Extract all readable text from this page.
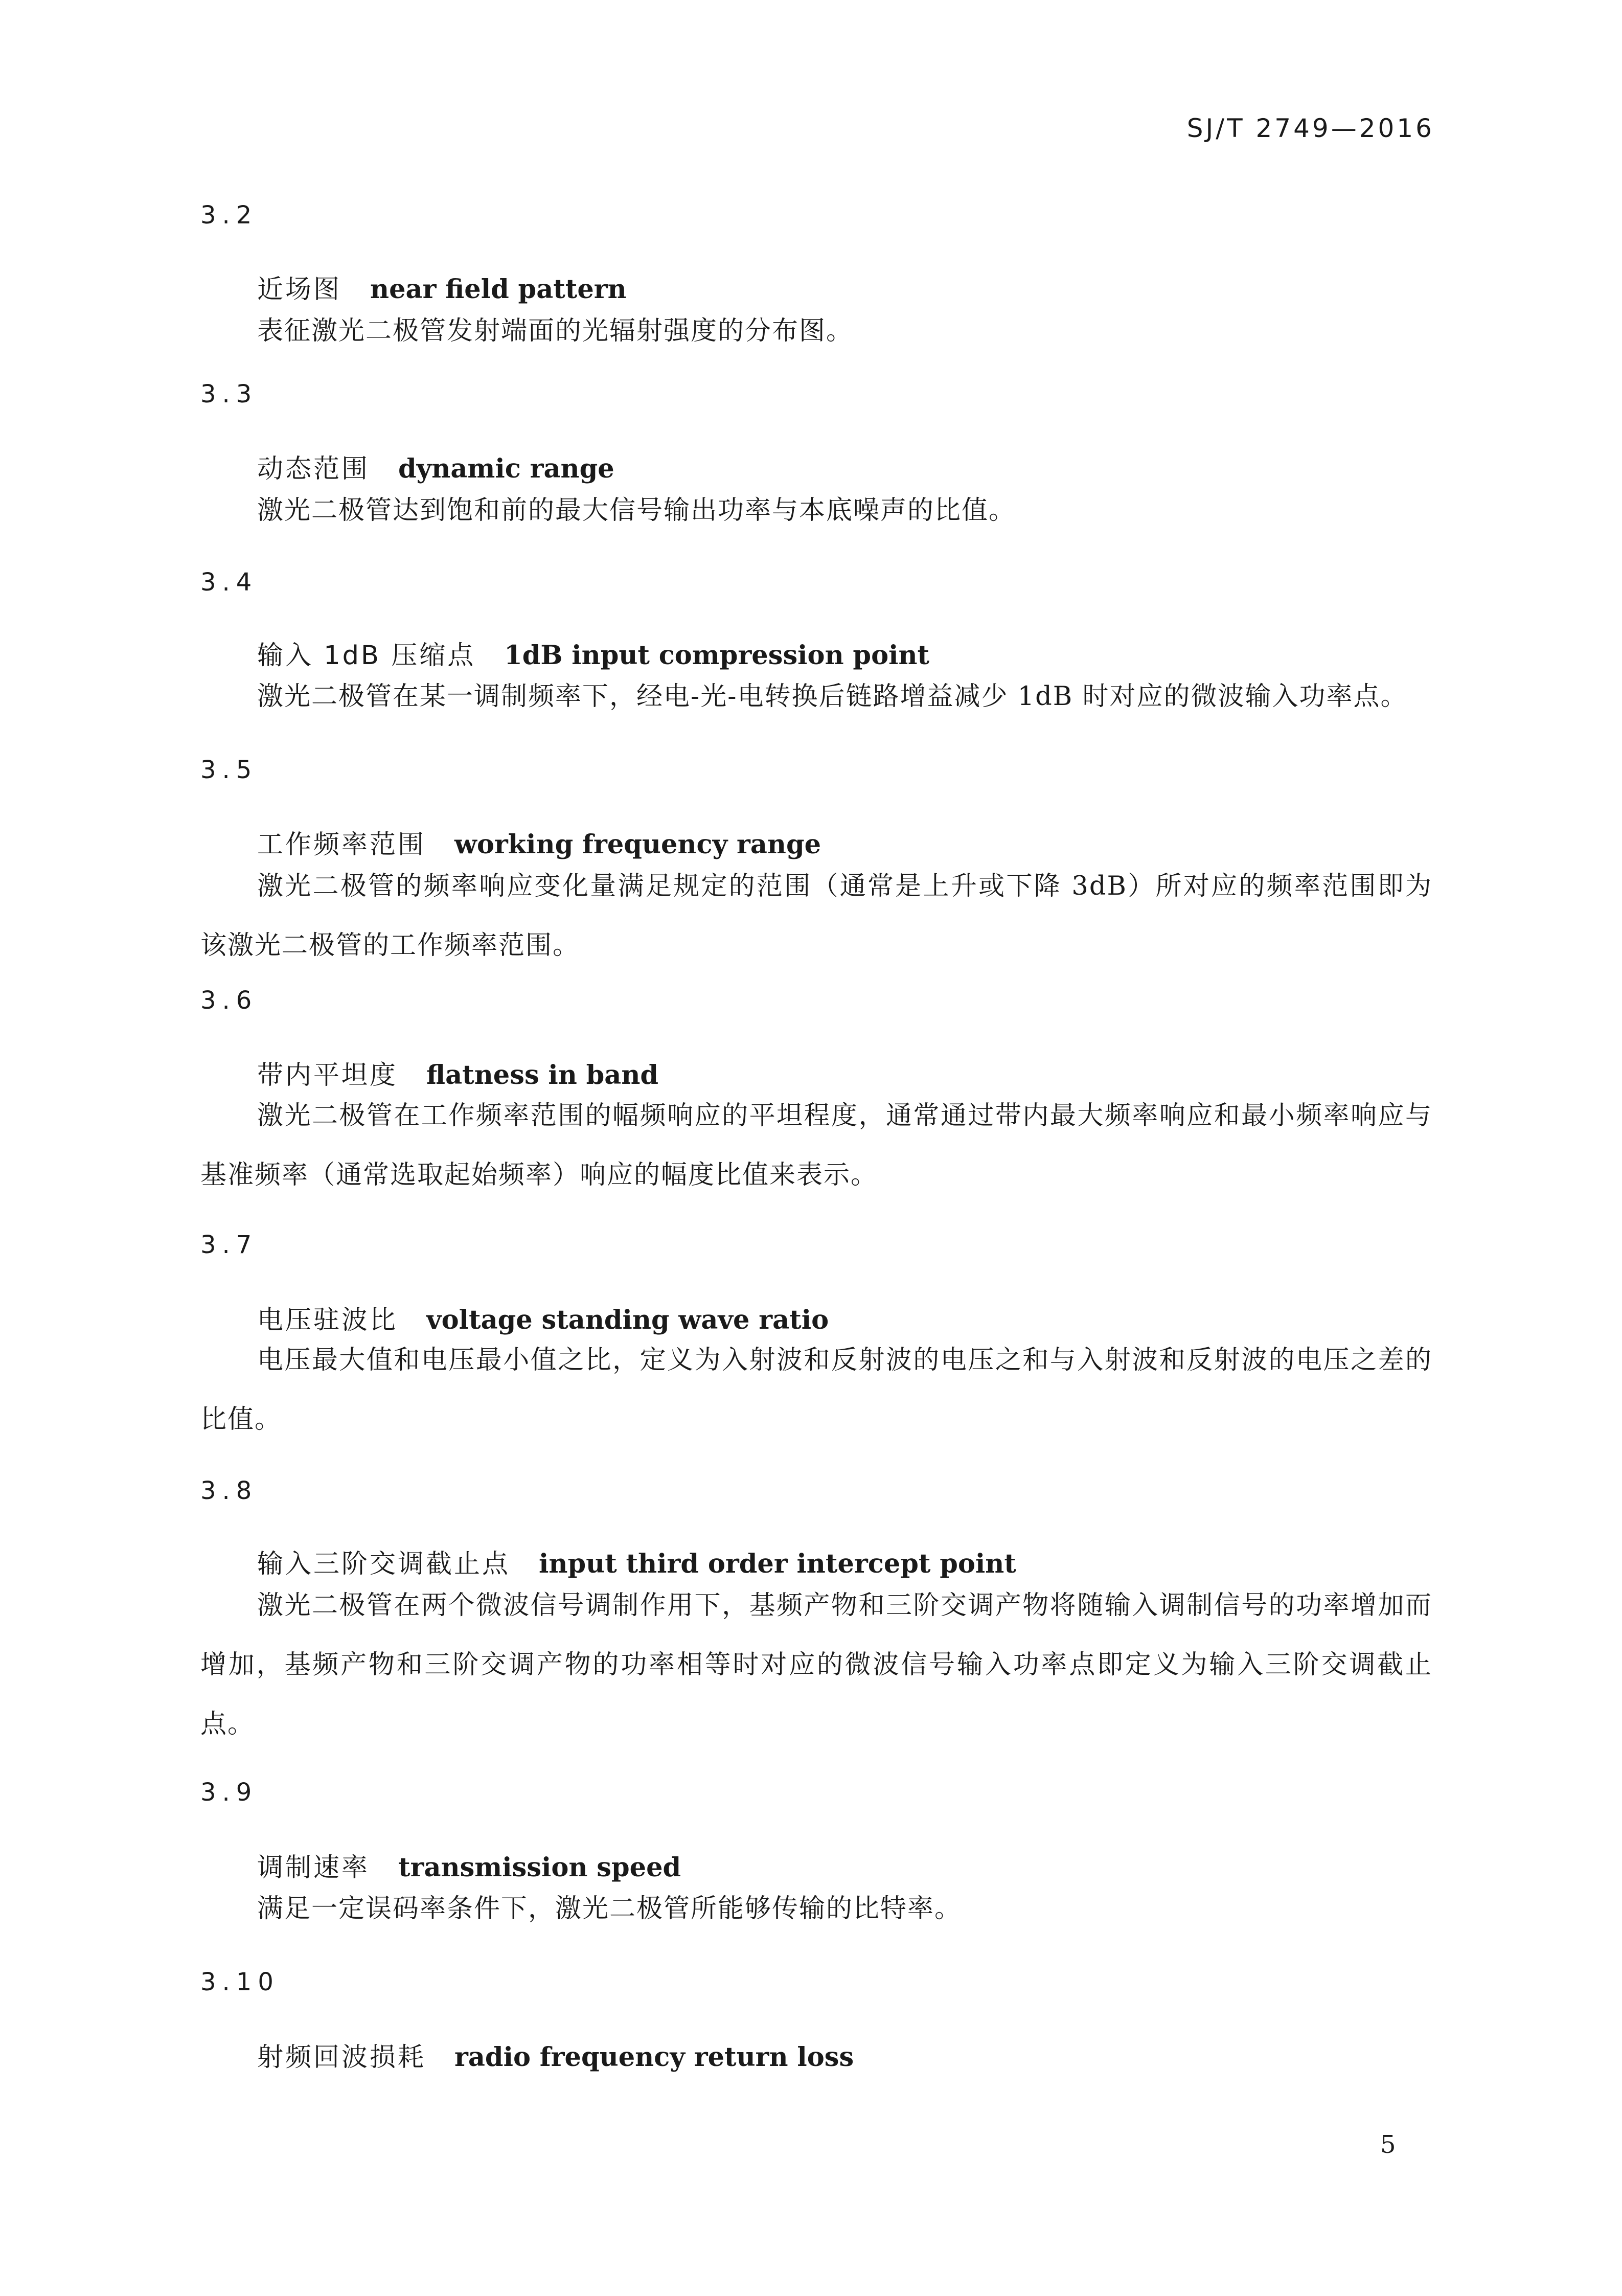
SJ/T 2749—2016
3.2
近场图 near field pattern

表征激光二极管发射端面的光辐射强度的分布图。

3.3
动态范围 dynamic range

激光二极管达到饱和前的最大信号输出功率与本底噪声的比值。

3.4
输入 1dB 压缩点 1dB input compression point

激光二极管在某一调制频率下，经电-光-电转换后链路增益减少 1dB 时对应的微波输入功率点。

3.5
工作频率范围 working frequency range

激光二极管的频率响应变化量满足规定的范围（通常是上升或下降 3dB）所对应的频率范围即为该激光二极管的工作频率范围。

3.6
带内平坦度 flatness in band

激光二极管在工作频率范围的幅频响应的平坦程度，通常通过带内最大频率响应和最小频率响应与基准频率（通常选取起始频率）响应的幅度比值来表示。

3.7
电压驻波比 voltage standing wave ratio

电压最大值和电压最小值之比，定义为入射波和反射波的电压之和与入射波和反射波的电压之差的比值。

3.8
输入三阶交调截止点 input third order intercept point

激光二极管在两个微波信号调制作用下，基频产物和三阶交调产物将随输入调制信号的功率增加而增加，基频产物和三阶交调产物的功率相等时对应的微波信号输入功率点即定义为输入三阶交调截止点。

3.9
调制速率 transmission speed

满足一定误码率条件下，激光二极管所能够传输的比特率。

3.10
射频回波损耗 radio frequency return loss
5
